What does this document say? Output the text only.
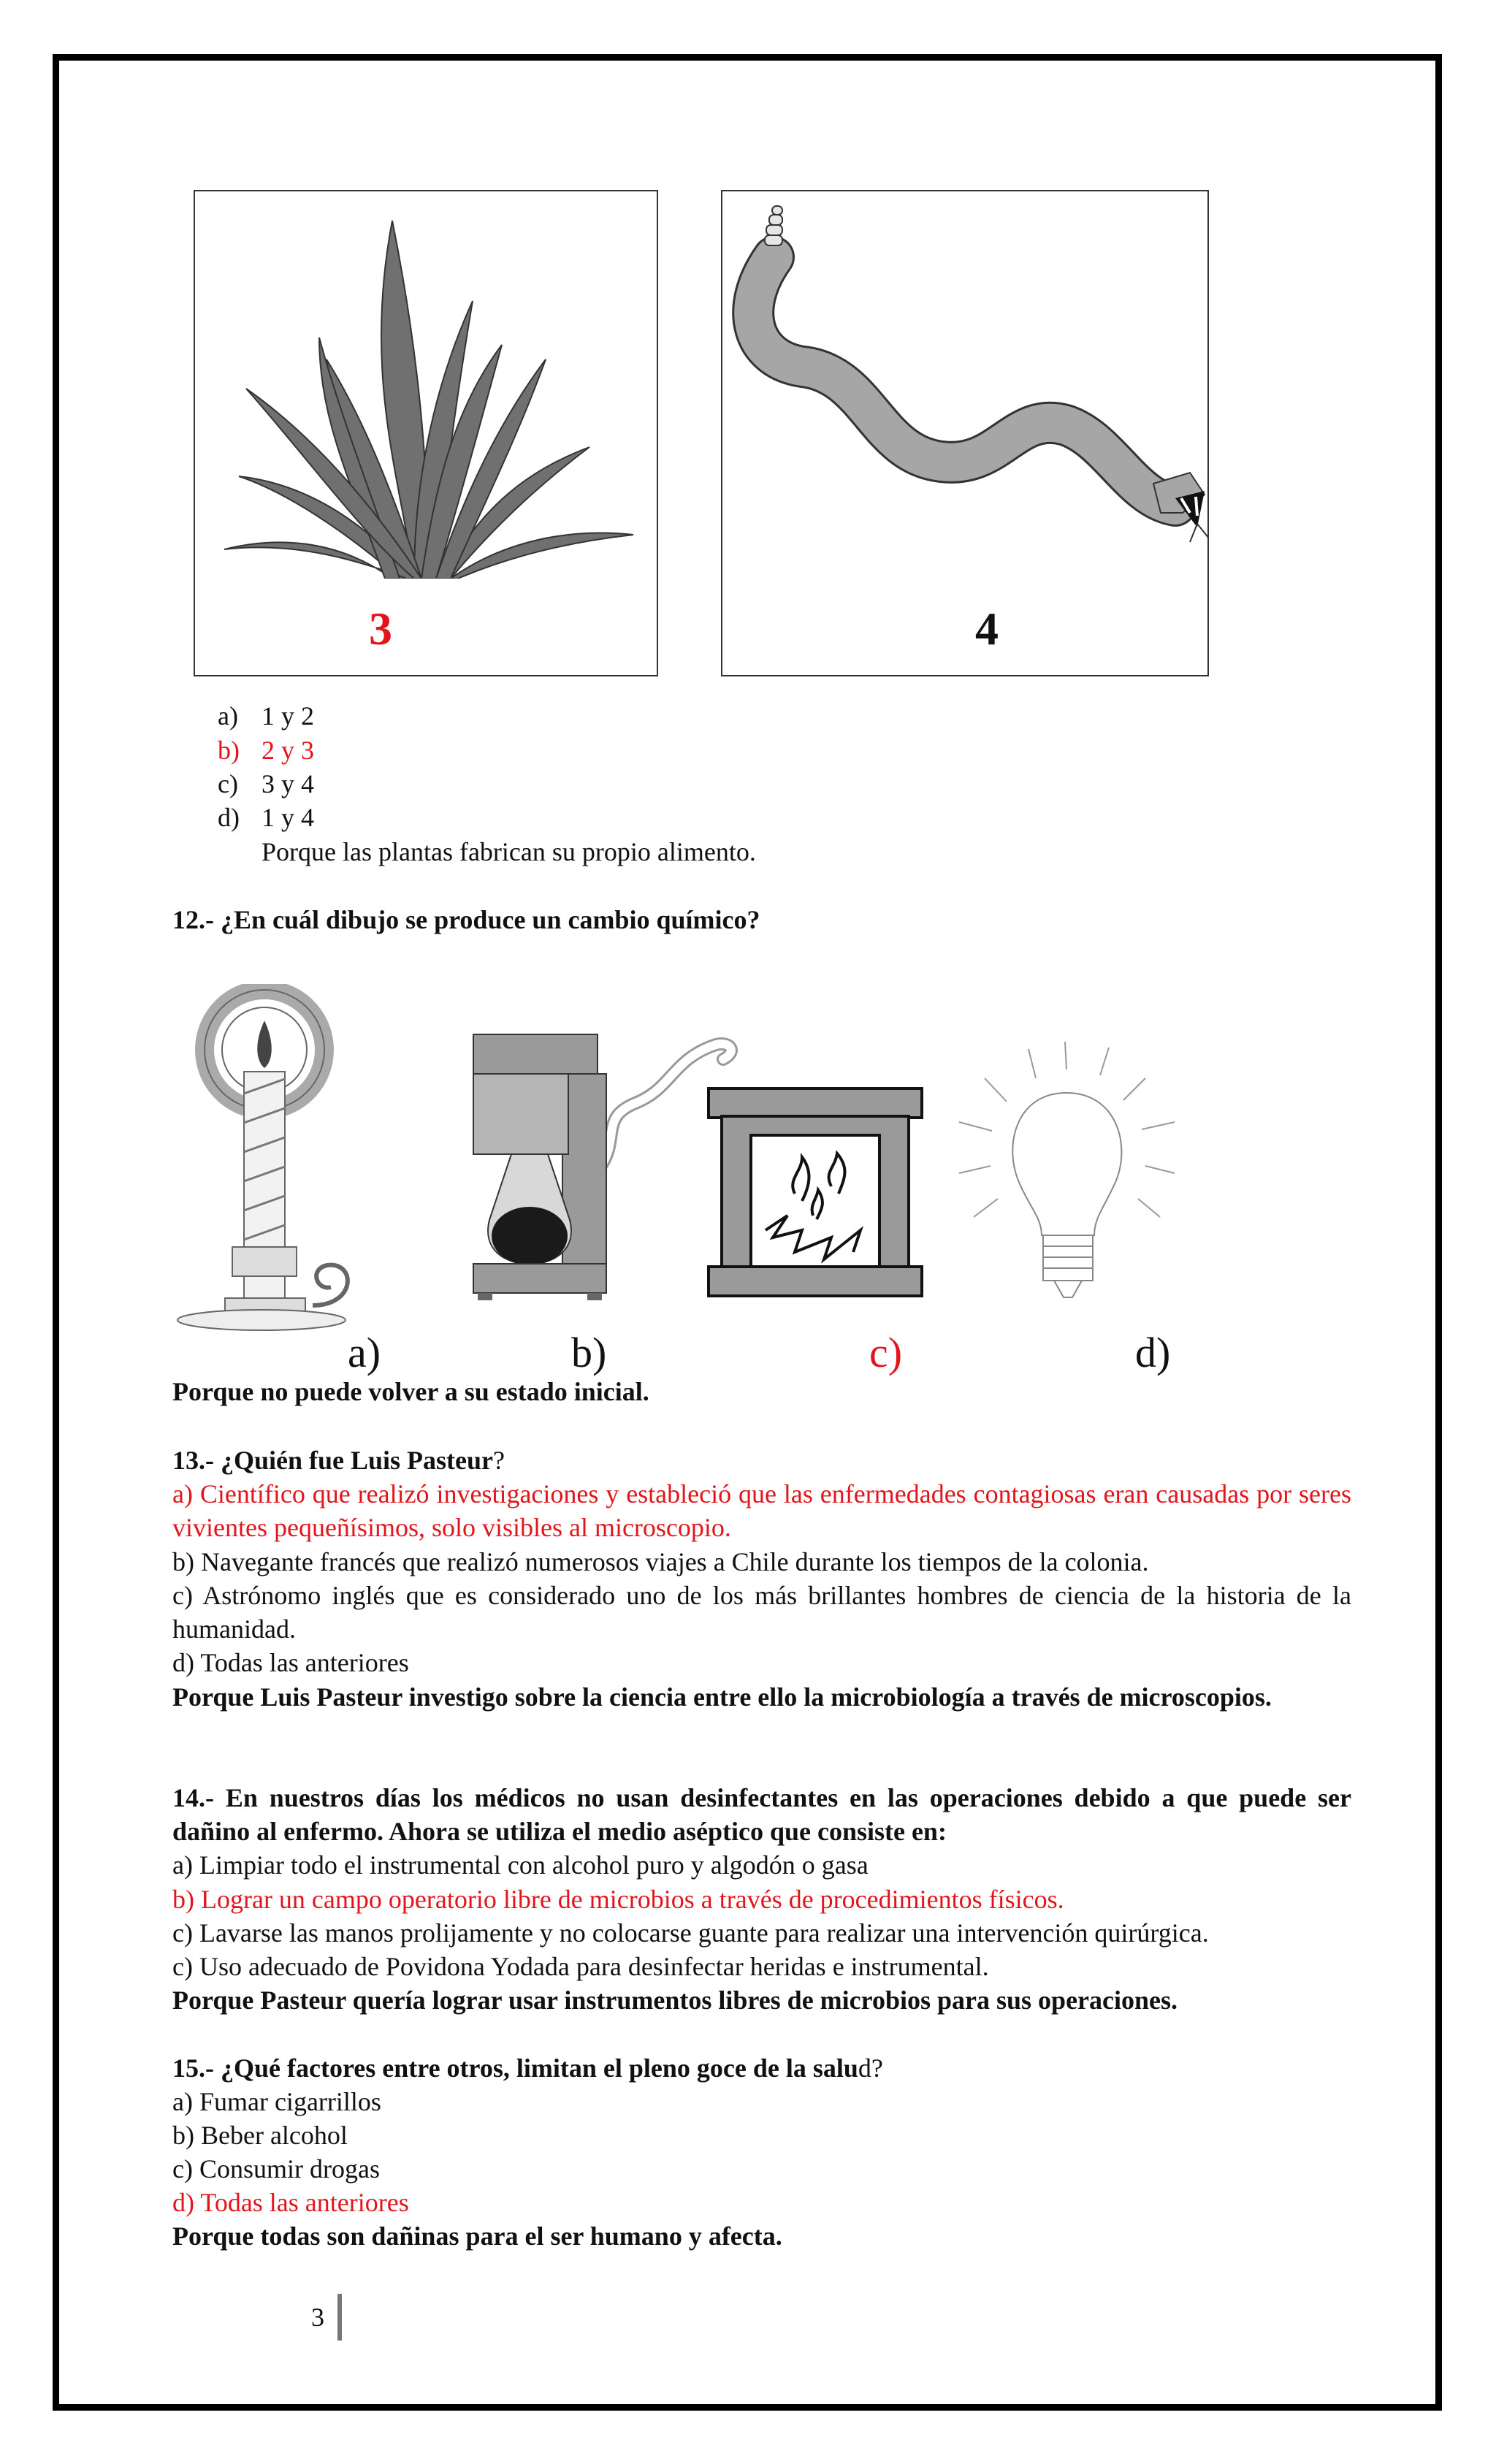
3	4
a) 1 y 2
b) 2 y 3
c) 3 y 4
d) 1 y 4
Porque las plantas fabrican su propio alimento.
12.- ¿En cuál dibujo se produce un cambio químico?
a)	b)	c)	d)
Porque no puede volver a su estado inicial.
13.- ¿Quién fue Luis Pasteur?
a) Científico que realizó investigaciones y estableció que las enfermedades contagiosas eran causadas por seres vivientes pequeñísimos, solo visibles al microscopio.
b) Navegante francés que realizó numerosos viajes a Chile durante los tiempos de la colonia.
c) Astrónomo inglés que es considerado uno de los más brillantes hombres de ciencia de la historia de la humanidad.
d) Todas las anteriores
Porque Luis Pasteur investigo sobre la ciencia entre ello la microbiología a través de microscopios.
14.- En nuestros días los médicos no usan desinfectantes en las operaciones debido a que puede ser dañino al enfermo. Ahora se utiliza el medio aséptico que consiste en:
a) Limpiar todo el instrumental con alcohol puro y algodón o gasa
b) Lograr un campo operatorio libre de microbios a través de procedimientos físicos.
c) Lavarse las manos prolijamente y no colocarse guante para realizar una intervención quirúrgica.
c) Uso adecuado de Povidona Yodada para desinfectar heridas e instrumental.
Porque Pasteur quería lograr usar instrumentos libres de microbios para sus operaciones.
15.- ¿Qué factores entre otros, limitan el pleno goce de la salud?
a) Fumar cigarrillos
b) Beber alcohol
c) Consumir drogas
d) Todas las anteriores
Porque todas son dañinas para el ser humano y afecta.
3
